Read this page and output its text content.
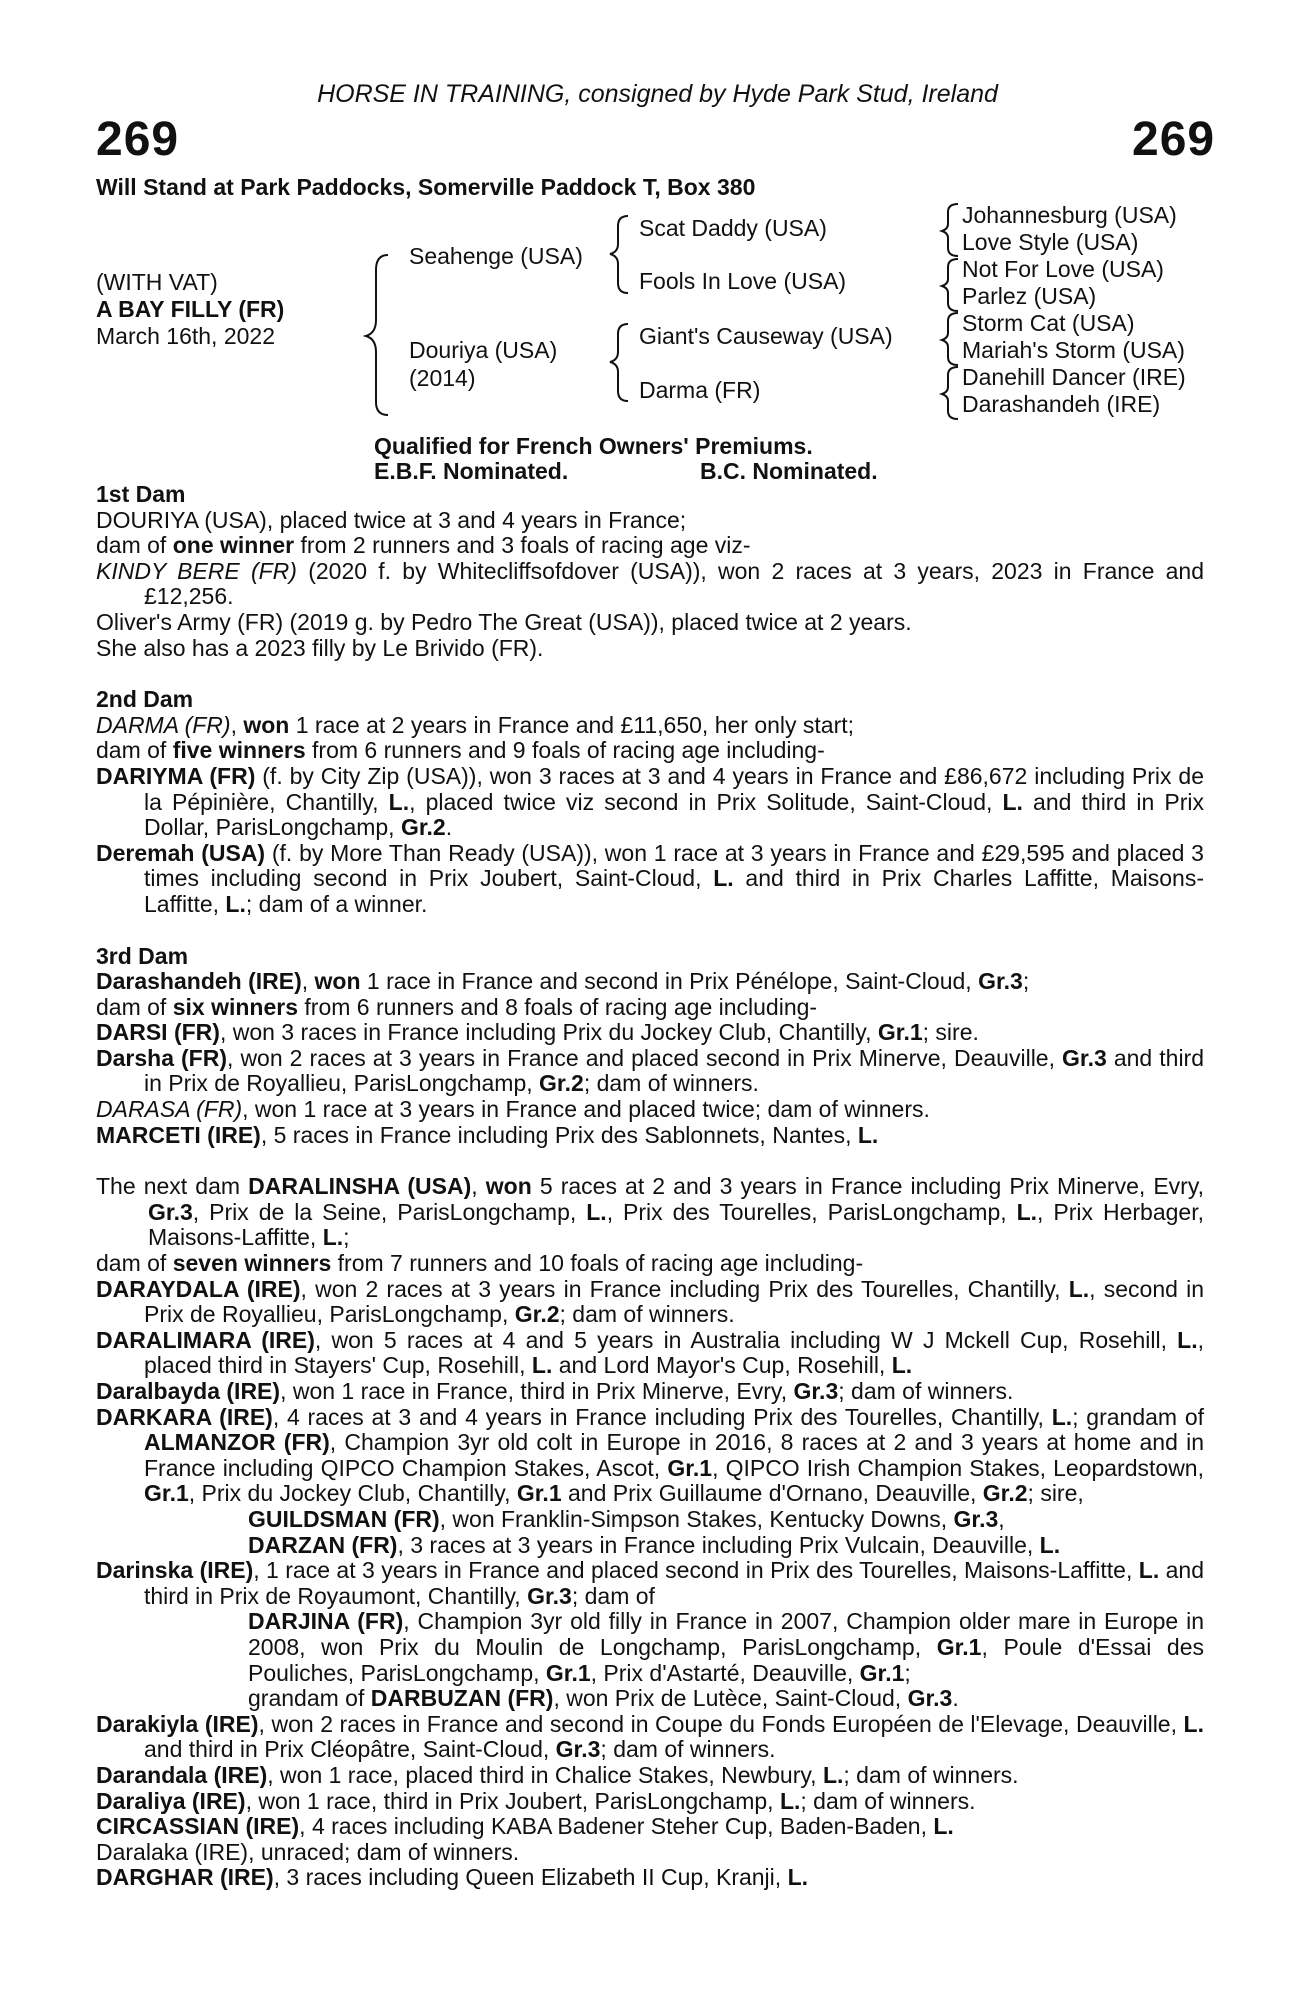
HORSE IN TRAINING, consigned by Hyde Park Stud, Ireland
269	269
Will Stand at Park Paddocks, Somerville Paddock T, Box 380
(WITH VAT)
A BAY FILLY (FR)
March 16th, 2022
Seahenge (USA)
Douriya (USA)
(2014)
Scat Daddy (USA)
Fools In Love (USA)
Giant's Causeway (USA)
Darma (FR)
Johannesburg (USA)
Love Style (USA)
Not For Love (USA)
Parlez (USA)
Storm Cat (USA)
Mariah's Storm (USA)
Danehill Dancer (IRE)
Darashandeh (IRE)
Qualified for French Owners' Premiums.
E.B.F. Nominated.	B.C. Nominated.

1st Dam

DOURIYA (USA), placed twice at 3 and 4 years in France;

dam of one winner from 2 runners and 3 foals of racing age viz-

KINDY BERE (FR) (2020 f. by Whitecliffsofdover (USA)), won 2 races at 3 years, 2023 in France and £12,256.

Oliver's Army (FR) (2019 g. by Pedro The Great (USA)), placed twice at 2 years.

She also has a 2023 filly by Le Brivido (FR).

2nd Dam

DARMA (FR), won 1 race at 2 years in France and £11,650, her only start;

dam of five winners from 6 runners and 9 foals of racing age including-

DARIYMA (FR) (f. by City Zip (USA)), won 3 races at 3 and 4 years in France and £86,672 including Prix de la Pépinière, Chantilly, L., placed twice viz second in Prix Solitude, Saint-Cloud, L. and third in Prix Dollar, ParisLongchamp, Gr.2.

Deremah (USA) (f. by More Than Ready (USA)), won 1 race at 3 years in France and £29,595 and placed 3 times including second in Prix Joubert, Saint-Cloud, L. and third in Prix Charles Laffitte, Maisons-Laffitte, L.; dam of a winner.

3rd Dam

Darashandeh (IRE), won 1 race in France and second in Prix Pénélope, Saint-Cloud, Gr.3;

dam of six winners from 6 runners and 8 foals of racing age including-

DARSI (FR), won 3 races in France including Prix du Jockey Club, Chantilly, Gr.1; sire.

Darsha (FR), won 2 races at 3 years in France and placed second in Prix Minerve, Deauville, Gr.3 and third in Prix de Royallieu, ParisLongchamp, Gr.2; dam of winners.

DARASA (FR), won 1 race at 3 years in France and placed twice; dam of winners.

MARCETI (IRE), 5 races in France including Prix des Sablonnets, Nantes, L.

The next dam DARALINSHA (USA), won 5 races at 2 and 3 years in France including Prix Minerve, Evry, Gr.3, Prix de la Seine, ParisLongchamp, L., Prix des Tourelles, ParisLongchamp, L., Prix Herbager, Maisons-Laffitte, L.;

dam of seven winners from 7 runners and 10 foals of racing age including-

DARAYDALA (IRE), won 2 races at 3 years in France including Prix des Tourelles, Chantilly, L., second in Prix de Royallieu, ParisLongchamp, Gr.2; dam of winners.

DARALIMARA (IRE), won 5 races at 4 and 5 years in Australia including W J Mckell Cup, Rosehill, L., placed third in Stayers' Cup, Rosehill, L. and Lord Mayor's Cup, Rosehill, L.

Daralbayda (IRE), won 1 race in France, third in Prix Minerve, Evry, Gr.3; dam of winners.

DARKARA (IRE), 4 races at 3 and 4 years in France including Prix des Tourelles, Chantilly, L.; grandam of ALMANZOR (FR), Champion 3yr old colt in Europe in 2016, 8 races at 2 and 3 years at home and in France including QIPCO Champion Stakes, Ascot, Gr.1, QIPCO Irish Champion Stakes, Leopardstown, Gr.1, Prix du Jockey Club, Chantilly, Gr.1 and Prix Guillaume d'Ornano, Deauville, Gr.2; sire,

GUILDSMAN (FR), won Franklin-Simpson Stakes, Kentucky Downs, Gr.3,

DARZAN (FR), 3 races at 3 years in France including Prix Vulcain, Deauville, L.

Darinska (IRE), 1 race at 3 years in France and placed second in Prix des Tourelles, Maisons-Laffitte, L. and third in Prix de Royaumont, Chantilly, Gr.3; dam of

DARJINA (FR), Champion 3yr old filly in France in 2007, Champion older mare in Europe in 2008, won Prix du Moulin de Longchamp, ParisLongchamp, Gr.1, Poule d'Essai des Pouliches, ParisLongchamp, Gr.1, Prix d'Astarté, Deauville, Gr.1;

grandam of DARBUZAN (FR), won Prix de Lutèce, Saint-Cloud, Gr.3.

Darakiyla (IRE), won 2 races in France and second in Coupe du Fonds Européen de l'Elevage, Deauville, L. and third in Prix Cléopâtre, Saint-Cloud, Gr.3; dam of winners.

Darandala (IRE), won 1 race, placed third in Chalice Stakes, Newbury, L.; dam of winners.

Daraliya (IRE), won 1 race, third in Prix Joubert, ParisLongchamp, L.; dam of winners.

CIRCASSIAN (IRE), 4 races including KABA Badener Steher Cup, Baden-Baden, L.

Daralaka (IRE), unraced; dam of winners.

DARGHAR (IRE), 3 races including Queen Elizabeth II Cup, Kranji, L.
